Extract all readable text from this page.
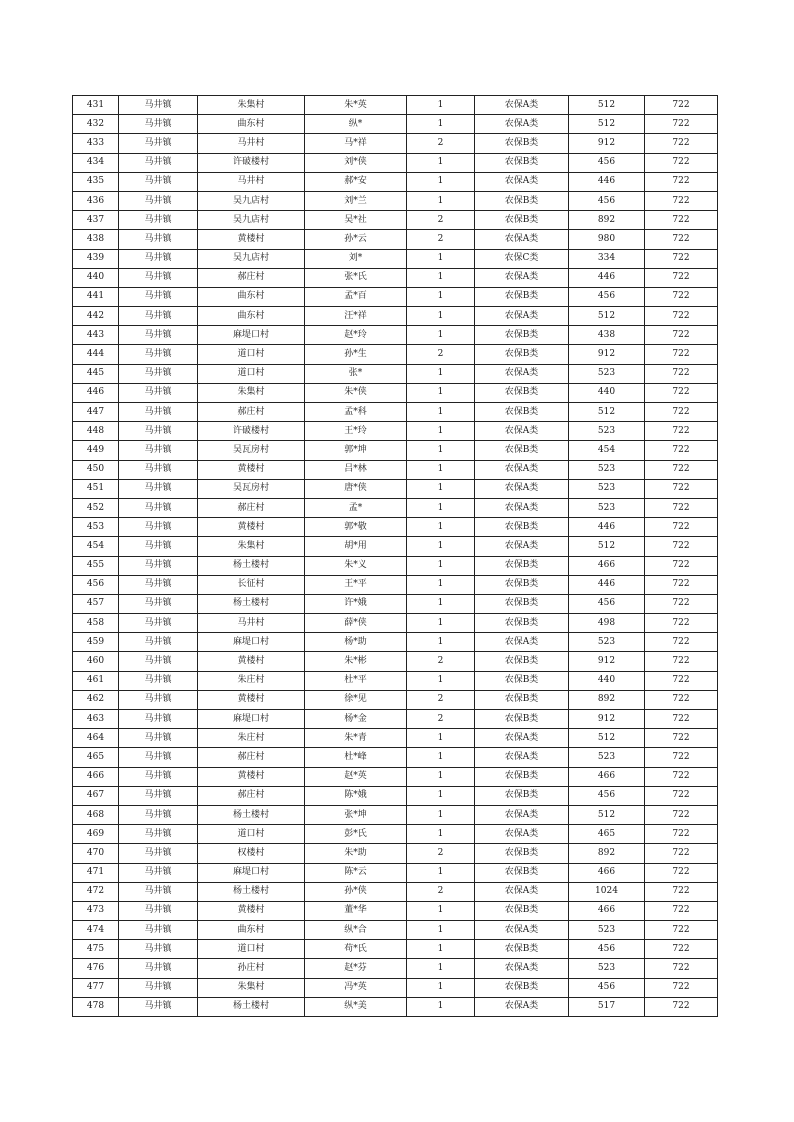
431	马井镇	朱集村	朱*英	1	农保A类	512	722
432	马井镇	曲东村	纵*	1	农保A类	512	722
433	马井镇	马井村	马*祥	2	农保B类	912	722
434	马井镇	许破楼村	刘*侠	1	农保B类	456	722
435	马井镇	马井村	郝*安	1	农保A类	446	722
436	马井镇	吴九店村	刘*兰	1	农保B类	456	722
437	马井镇	吴九店村	吴*社	2	农保B类	892	722
438	马井镇	黄楼村	孙*云	2	农保A类	980	722
439	马井镇	吴九店村	刘*	1	农保C类	334	722
440	马井镇	郝庄村	张*氏	1	农保A类	446	722
441	马井镇	曲东村	孟*百	1	农保B类	456	722
442	马井镇	曲东村	汪*祥	1	农保A类	512	722
443	马井镇	麻堤口村	赵*玲	1	农保B类	438	722
444	马井镇	道口村	孙*生	2	农保B类	912	722
445	马井镇	道口村	张*	1	农保A类	523	722
446	马井镇	朱集村	朱*侠	1	农保B类	440	722
447	马井镇	郝庄村	孟*科	1	农保B类	512	722
448	马井镇	许破楼村	王*玲	1	农保A类	523	722
449	马井镇	吴瓦房村	郭*坤	1	农保B类	454	722
450	马井镇	黄楼村	吕*林	1	农保A类	523	722
451	马井镇	吴瓦房村	唐*侠	1	农保A类	523	722
452	马井镇	郝庄村	孟*	1	农保A类	523	722
453	马井镇	黄楼村	郭*敬	1	农保B类	446	722
454	马井镇	朱集村	胡*用	1	农保A类	512	722
455	马井镇	杨土楼村	朱*义	1	农保B类	466	722
456	马井镇	长征村	王*平	1	农保B类	446	722
457	马井镇	杨土楼村	许*娥	1	农保B类	456	722
458	马井镇	马井村	薛*侠	1	农保B类	498	722
459	马井镇	麻堤口村	杨*助	1	农保A类	523	722
460	马井镇	黄楼村	朱*彬	2	农保B类	912	722
461	马井镇	朱庄村	杜*平	1	农保B类	440	722
462	马井镇	黄楼村	徐*见	2	农保B类	892	722
463	马井镇	麻堤口村	杨*金	2	农保B类	912	722
464	马井镇	朱庄村	朱*青	1	农保A类	512	722
465	马井镇	郝庄村	杜*峰	1	农保A类	523	722
466	马井镇	黄楼村	赵*英	1	农保B类	466	722
467	马井镇	郝庄村	陈*娥	1	农保B类	456	722
468	马井镇	杨土楼村	张*坤	1	农保A类	512	722
469	马井镇	道口村	彭*氏	1	农保A类	465	722
470	马井镇	权楼村	朱*助	2	农保B类	892	722
471	马井镇	麻堤口村	陈*云	1	农保B类	466	722
472	马井镇	杨土楼村	孙*侠	2	农保A类	1024	722
473	马井镇	黄楼村	董*华	1	农保B类	466	722
474	马井镇	曲东村	纵*合	1	农保A类	523	722
475	马井镇	道口村	苟*氏	1	农保B类	456	722
476	马井镇	孙庄村	赵*芬	1	农保A类	523	722
477	马井镇	朱集村	冯*英	1	农保B类	456	722
478	马井镇	杨土楼村	纵*美	1	农保A类	517	722
